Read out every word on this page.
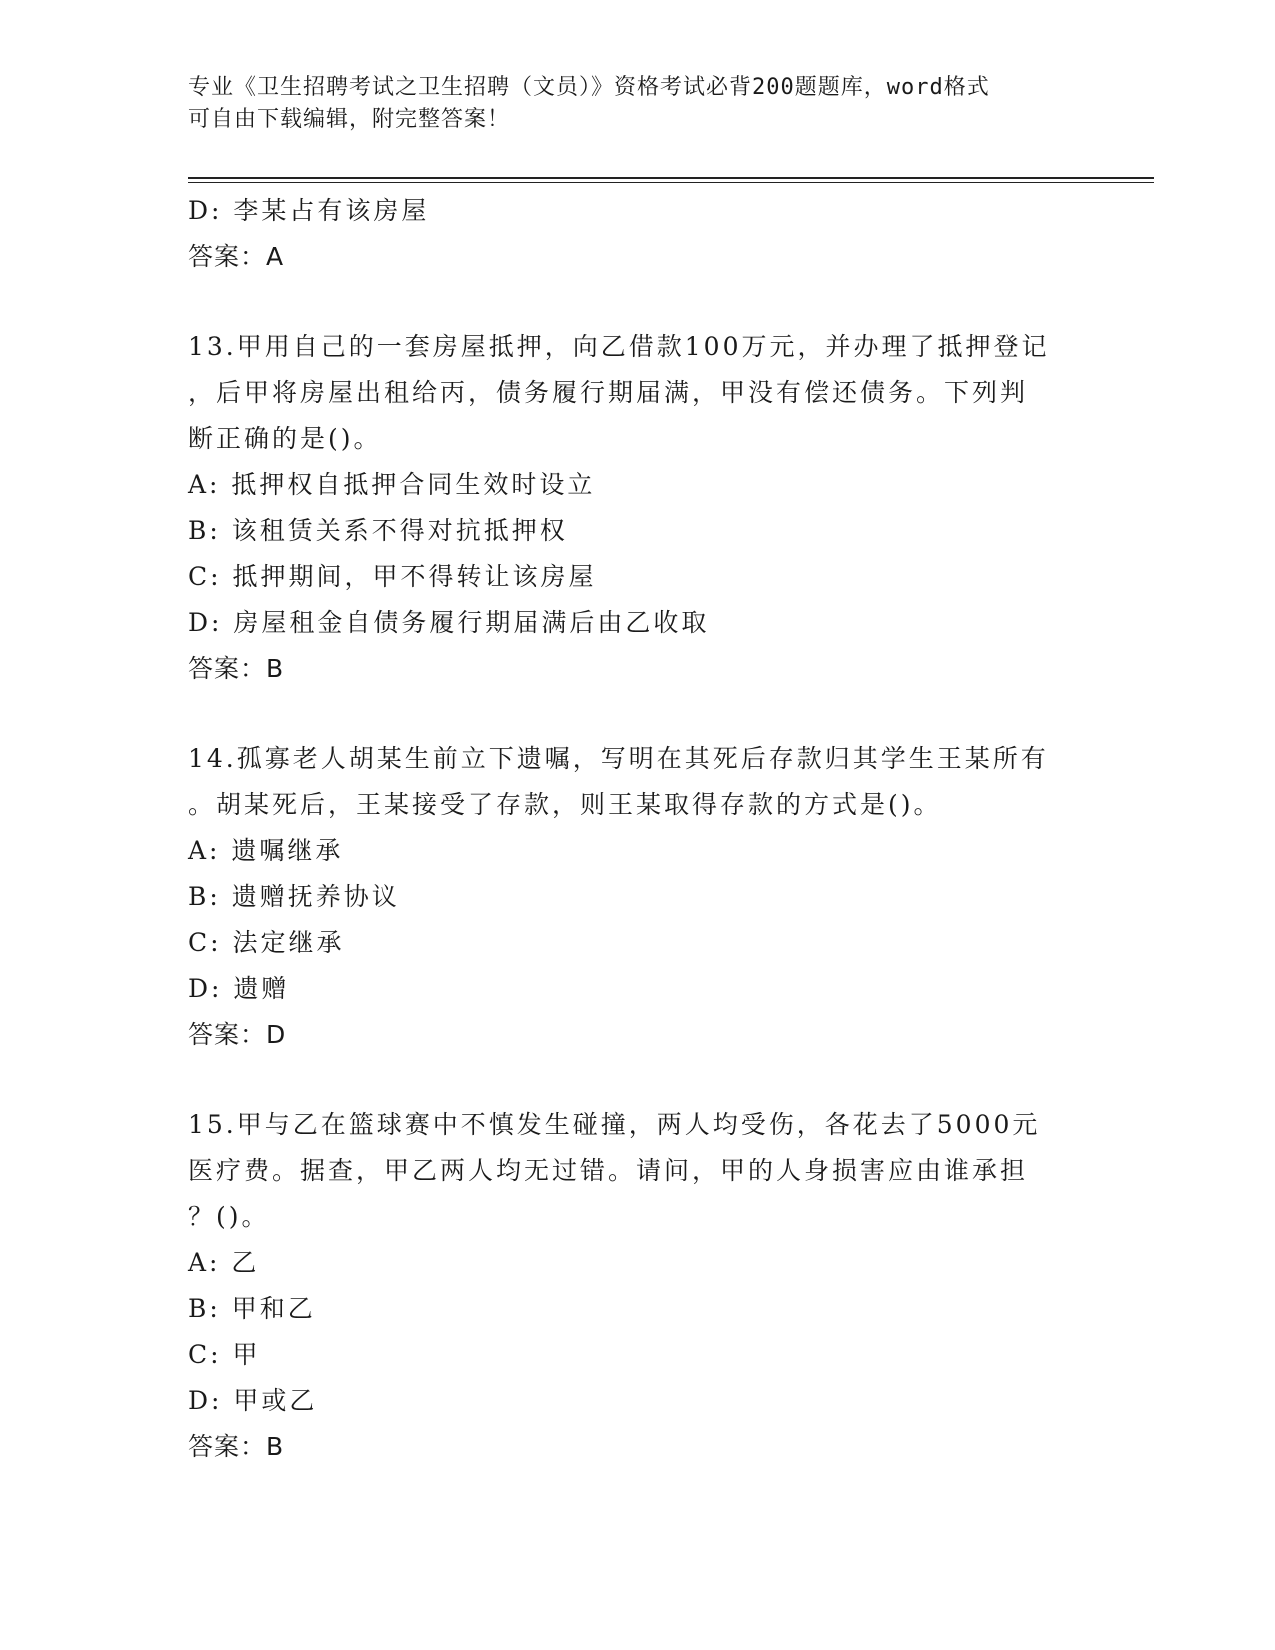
专业《卫生招聘考试之卫生招聘（文员）》资格考试必背200题题库，word格式
可自由下载编辑，附完整答案！
D: 李某占有该房屋
答案：A
13.甲用自己的一套房屋抵押，向乙借款100万元，并办理了抵押登记
，后甲将房屋出租给丙，债务履行期届满，甲没有偿还债务。下列判
断正确的是()。
A: 抵押权自抵押合同生效时设立
B: 该租赁关系不得对抗抵押权
C: 抵押期间，甲不得转让该房屋
D: 房屋租金自债务履行期届满后由乙收取
答案：B
14.孤寡老人胡某生前立下遗嘱，写明在其死后存款归其学生王某所有
。胡某死后，王某接受了存款，则王某取得存款的方式是()。
A: 遗嘱继承
B: 遗赠抚养协议
C: 法定继承
D: 遗赠
答案：D
15.甲与乙在篮球赛中不慎发生碰撞，两人均受伤，各花去了5000元
医疗费。据查，甲乙两人均无过错。请问，甲的人身损害应由谁承担
？()。
A: 乙
B: 甲和乙
C: 甲
D: 甲或乙
答案：B
